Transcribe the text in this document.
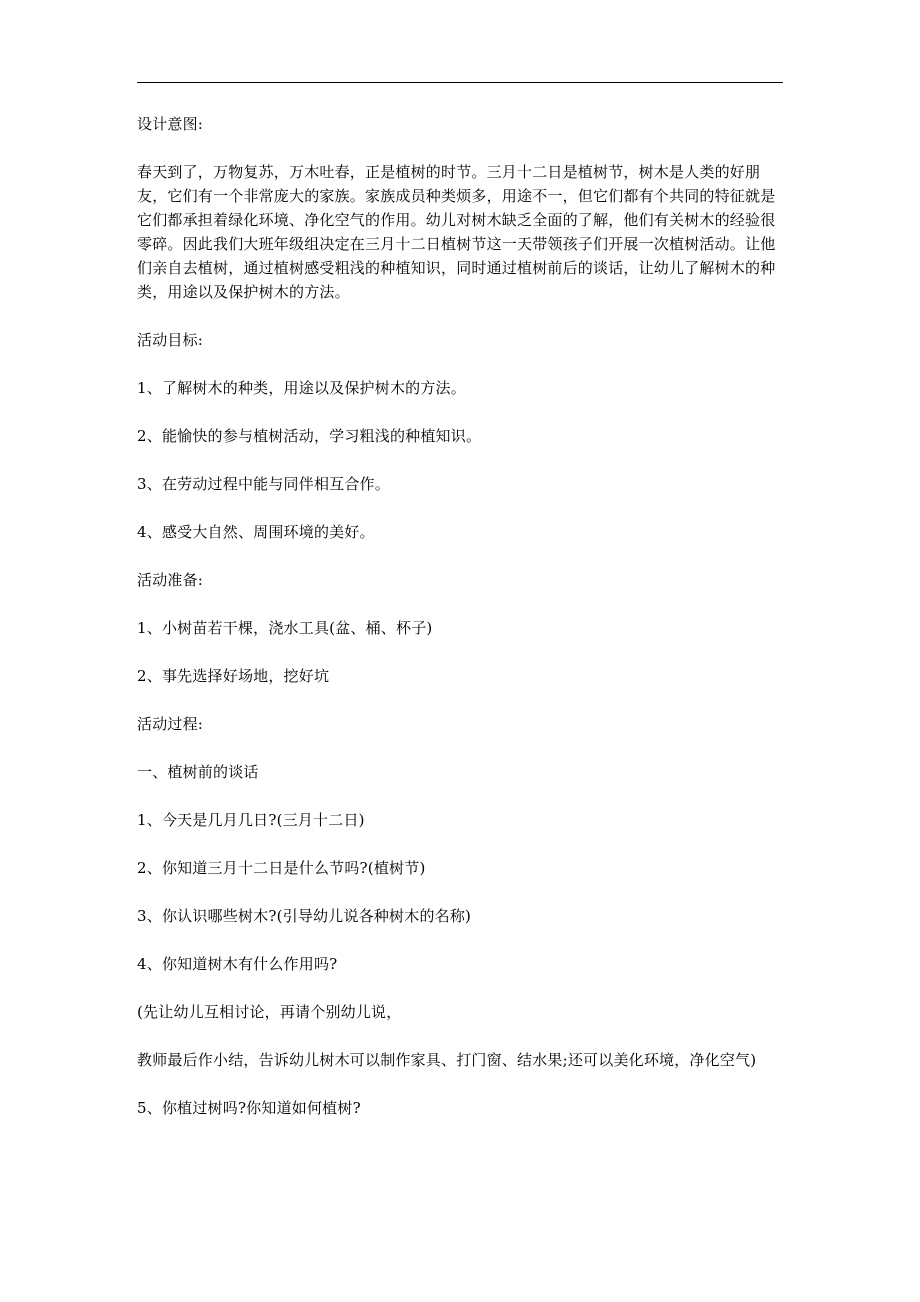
设计意图:

春天到了，万物复苏，万木吐春，正是植树的时节。三月十二日是植树节，树木是人类的好朋友，它们有一个非常庞大的家族。家族成员种类烦多，用途不一，但它们都有个共同的特征就是它们都承担着绿化环境、净化空气的作用。幼儿对树木缺乏全面的了解，他们有关树木的经验很零碎。因此我们大班年级组决定在三月十二日植树节这一天带领孩子们开展一次植树活动。让他们亲自去植树，通过植树感受粗浅的种植知识，同时通过植树前后的谈话，让幼儿了解树木的种类，用途以及保护树木的方法。

活动目标:

1、了解树木的种类，用途以及保护树木的方法。

2、能愉快的参与植树活动，学习粗浅的种植知识。

3、在劳动过程中能与同伴相互合作。

4、感受大自然、周围环境的美好。

活动准备:

1、小树苗若干棵，浇水工具(盆、桶、杯子)

2、事先选择好场地，挖好坑

活动过程:

一、植树前的谈话

1、今天是几月几日?(三月十二日)

2、你知道三月十二日是什么节吗?(植树节)

3、你认识哪些树木?(引导幼儿说各种树木的名称)

4、你知道树木有什么作用吗?

(先让幼儿互相讨论，再请个别幼儿说，

教师最后作小结，告诉幼儿树木可以制作家具、打门窗、结水果;还可以美化环境，净化空气)

5、你植过树吗?你知道如何植树?
